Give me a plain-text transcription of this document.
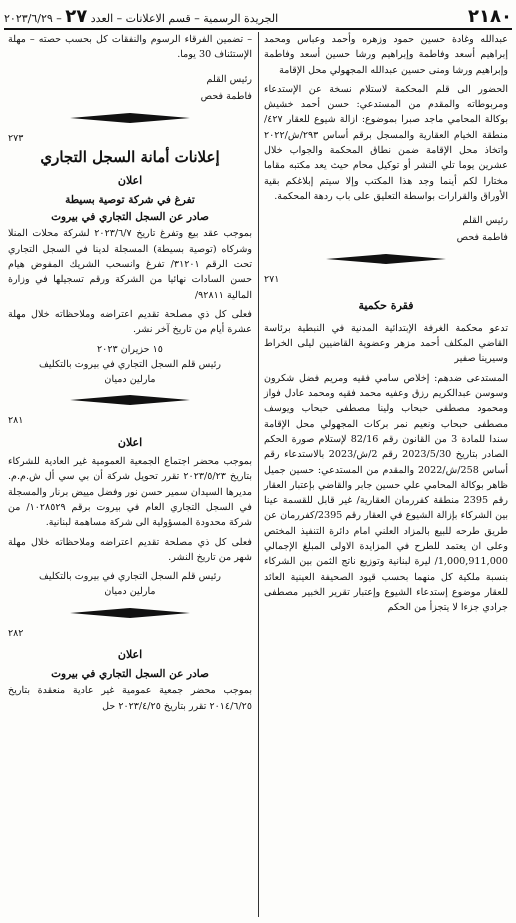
٢١٨٠
الجريدة الرسمية – قسم الاعلانات – العدد ٢٧ – ٢٠٢٣/٦/٢٩

عبدالله وغادة حسين حمود وزهره وأحمد وعباس ومحمد إبراهيم أسعد وفاطمة وإبراهيم ورشا حسين أسعد وفاطمة وإبراهيم ورشا ومنى حسين عبدالله المجهولي محل الإقامة

الحضور الى قلم المحكمة لاستلام نسخة عن الإستدعاء ومربوطاته والمقدم من المستدعي: حسن أحمد خشيش بوكالة المحامي ماجد صبرا بموضوع: ازالة شيوع للعقار ٤٢٧/ منطقة الخيام العقارية والمسجل برقم أساس ٢٩٣/ش/٢٠٢٢ واتخاذ محل الإقامة ضمن نطاق المحكمة والجواب خلال عشرين يوما تلي النشر أو توكيل محام حيث يعد مكتبه مقاما مختارا لكم أينما وجد هذا المكتب وإلا سيتم إبلاغكم بقية الأوراق والقرارات بواسطة التعليق على باب ردهة المحكمة.

رئيس القلم
فاطمة فحص
٢٧١
فقرة حكمية

تدعو محكمة الغرفة الإبتدائية المدنية في النبطية برئاسة القاضي المكلف أحمد مزهر وعضوية القاضيين ليلى الخراط وسيرينا صفير

المستدعى ضدهم: إخلاص سامي فقيه ومريم فضل شكرون وسوسن عبدالكريم رزق وعفيه محمد فقيه ومحمد عادل فواز ومحمود مصطفى حبحاب ولينا مصطفى حبحاب ويوسف مصطفى حبحاب ونعيم نمر بركات المجهولي محل الإقامة سندا للمادة 3 من القانون رقم 82/16 لإستلام صورة الحكم الصادر بتاريخ 2023/5/30 رقم 2/ش/2023 بالاستدعاء رقم أساس 258/ش/2022 والمقدم من المستدعي: حسين جميل ظاهر بوكالة المحامي علي حسين جابر والقاضي بإعتبار العقار رقم 2395 منطقة كفررمان العقارية/ غير قابل للقسمة عينا بين الشركاء بإزالة الشيوع في العقار رقم 2395/كفررمان عن طريق طرحه للبيع بالمزاد العلني امام دائرة التنفيذ المختص وعلى ان يعتمد للطرح في المزايدة الاولى المبلغ الإجمالي 1,000,911,000/ ليرة لبنانية وتوزيع ناتج الثمن بين الشركاء بنسبة ملكية كل منهما بحسب قيود الصحيفة العينية العائد للعقار موضوع إستدعاء الشيوع وإعتبار تقرير الخبير مصطفى جرادي جزءا لا يتجزأ من الحكم

– تضمين الفرقاء الرسوم والنفقات كل بحسب حصته – مهلة الإستئناف 30 يوما.

رئيس القلم
فاطمة فحص
٢٧٣
إعلانات أمانة السجل التجاري
اعلان
تفرغ في شركة توصية بسيطة
صادر عن السجل التجاري في بيروت

بموجب عقد بيع وتفرغ تاريخ ٢٠٢٣/٦/٧ لشركة محلات المنلا وشركاه (توصية بسيطة) المسجلة لدينا في السجل التجاري تحت الرقم ٣١٢٠١/ تفرغ وانسحب الشريك المفوض هيام حسن السادات نهائيا من الشركة ورقم تسجيلها في وزارة المالية ٩٢٨١١/

فعلى كل ذي مصلحة تقديم اعتراضه وملاحظاته خلال مهلة عشرة أيام من تاريخ آخر نشر.

١٥ حزيران ٢٠٢٣
رئيس قلم السجل التجاري في بيروت بالتكليف
مارلين دميان
٢٨١
اعلان

بموجب محضر اجتماع الجمعية العمومية غير العادية للشركاء بتاريخ ٢٠٢٣/٥/٢٣ تقرر تحويل شركة أن بي سي أل ش.م.م. مديرها السيدان سمير حسن نور وفضل مييض برنار والمسجلة في السجل التجاري العام في بيروت برقم ١٠٢٨٥٢٩/ من شركة محدودة المسؤولية الى شركة مساهمة لبنانية.

فعلى كل ذي مصلحة تقديم اعتراضه وملاحظاته خلال مهلة شهر من تاريخ النشر.

رئيس قلم السجل التجاري في بيروت بالتكليف
مارلين دميان
٢٨٢
اعلان
صادر عن السجل التجاري في بيروت

بموجب محضر جمعية عمومية غير عادية منعقدة بتاريخ ٢٠١٤/٦/٢٥ تقرر بتاريخ ٢٠٢٣/٤/٢٥ حل
